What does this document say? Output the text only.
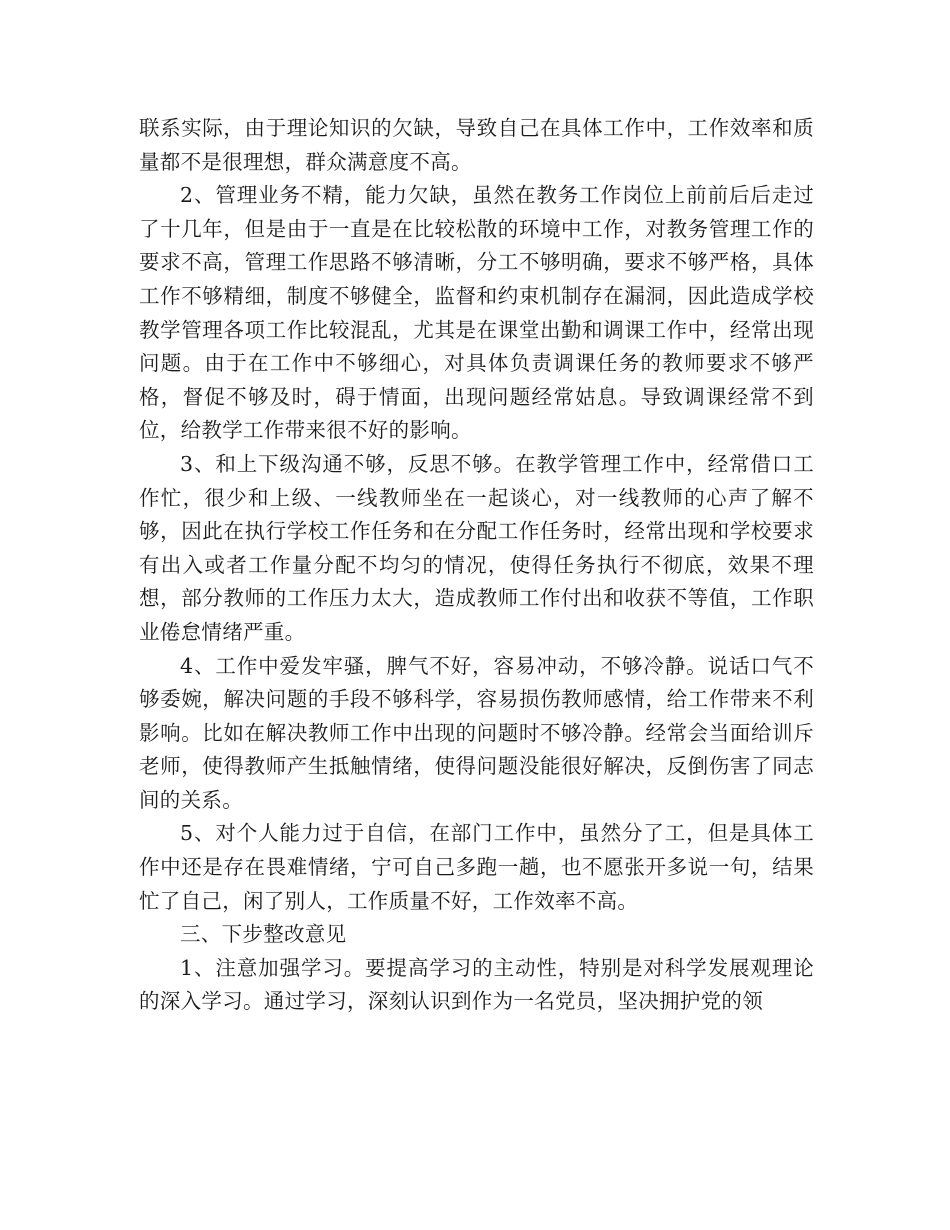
联系实际，由于理论知识的欠缺，导致自己在具体工作中，工作效率和质量都不是很理想，群众满意度不高。

2、管理业务不精，能力欠缺，虽然在教务工作岗位上前前后后走过了十几年，但是由于一直是在比较松散的环境中工作，对教务管理工作的要求不高，管理工作思路不够清晰，分工不够明确，要求不够严格，具体工作不够精细，制度不够健全，监督和约束机制存在漏洞，因此造成学校教学管理各项工作比较混乱，尤其是在课堂出勤和调课工作中，经常出现问题。由于在工作中不够细心，对具体负责调课任务的教师要求不够严格，督促不够及时，碍于情面，出现问题经常姑息。导致调课经常不到位，给教学工作带来很不好的影响。

3、和上下级沟通不够，反思不够。在教学管理工作中，经常借口工作忙，很少和上级、一线教师坐在一起谈心，对一线教师的心声了解不够，因此在执行学校工作任务和在分配工作任务时，经常出现和学校要求有出入或者工作量分配不均匀的情况，使得任务执行不彻底，效果不理想，部分教师的工作压力太大，造成教师工作付出和收获不等值，工作职业倦怠情绪严重。

4、工作中爱发牢骚，脾气不好，容易冲动，不够冷静。说话口气不够委婉，解决问题的手段不够科学，容易损伤教师感情，给工作带来不利影响。比如在解决教师工作中出现的问题时不够冷静。经常会当面给训斥老师，使得教师产生抵触情绪，使得问题没能很好解决，反倒伤害了同志间的关系。

5、对个人能力过于自信，在部门工作中，虽然分了工，但是具体工作中还是存在畏难情绪，宁可自己多跑一趟，也不愿张开多说一句，结果忙了自己，闲了别人，工作质量不好，工作效率不高。

三、下步整改意见

1、注意加强学习。要提高学习的主动性，特别是对科学发展观理论的深入学习。通过学习，深刻认识到作为一名党员，坚决拥护党的领
